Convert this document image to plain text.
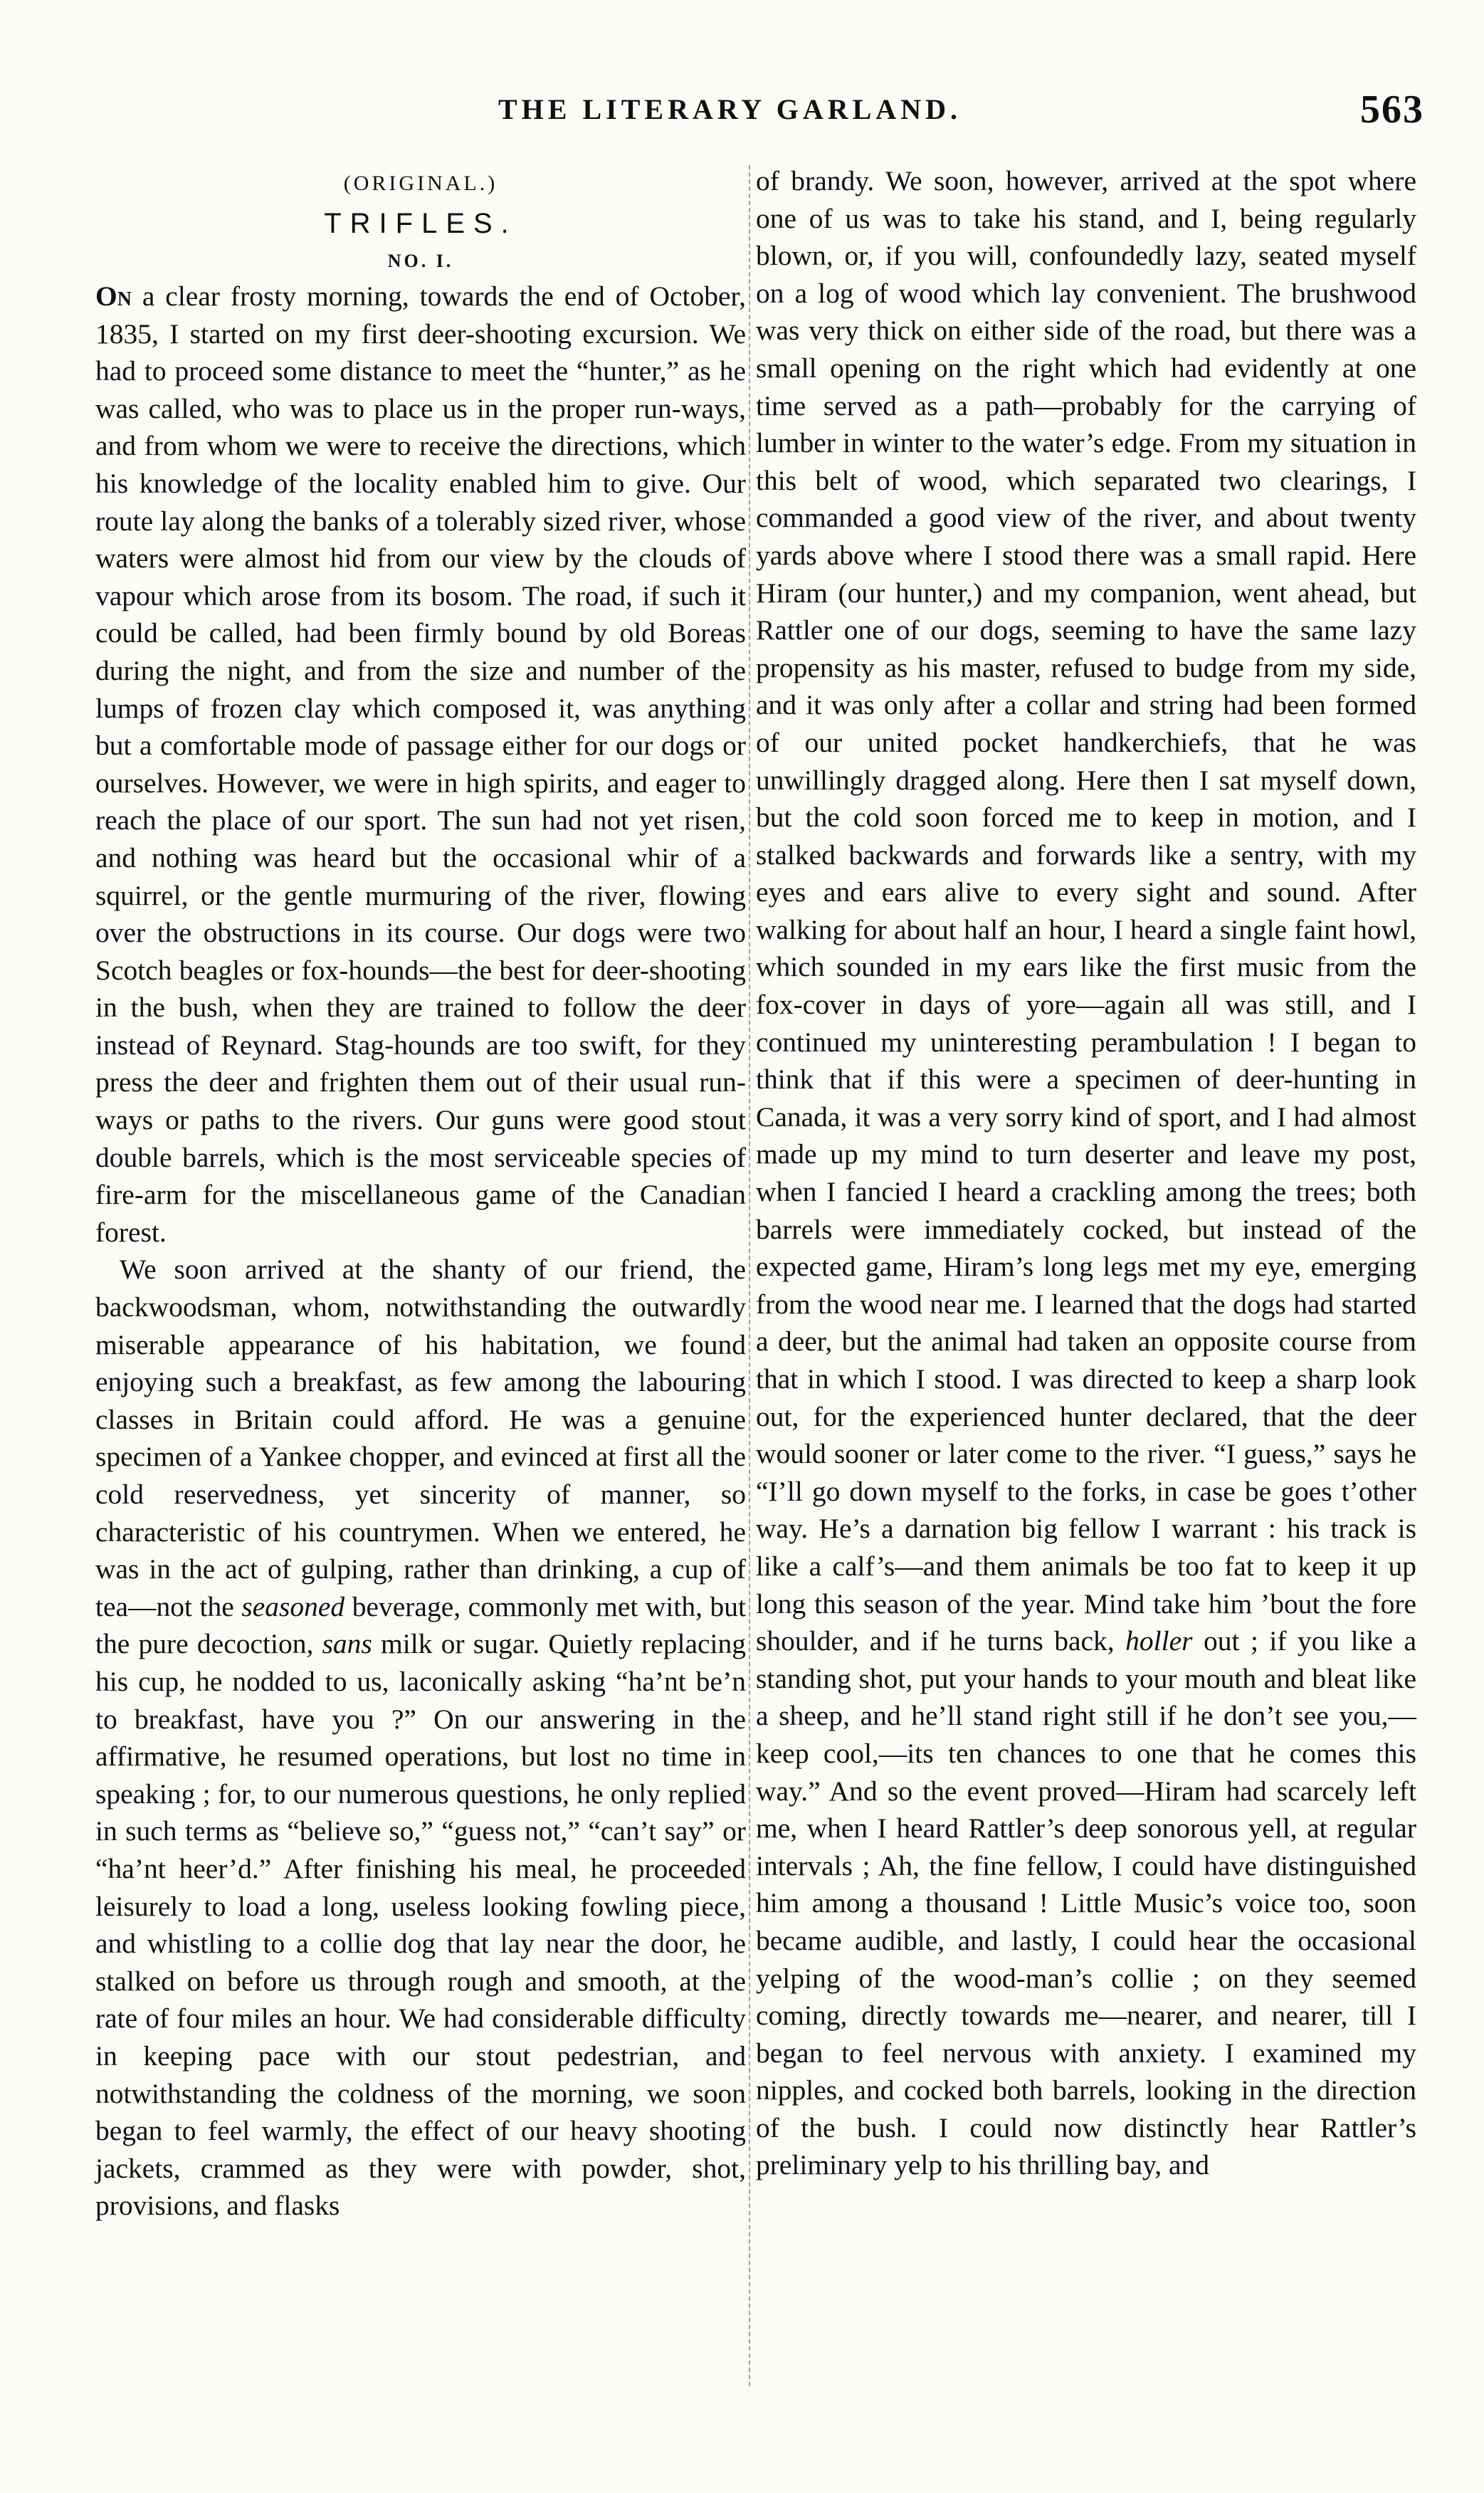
THE LITERARY GARLAND.	563

(ORIGINAL.)

TRIFLES.

NO. I.

On a clear frosty morning, towards the end of October, 1835, I started on my first deer-shooting excursion. We had to proceed some distance to meet the “hunter,” as he was called, who was to place us in the proper run-ways, and from whom we were to receive the directions, which his knowledge of the locality enabled him to give. Our route lay along the banks of a tolerably sized river, whose waters were almost hid from our view by the clouds of vapour which arose from its bosom. The road, if such it could be called, had been firmly bound by old Boreas during the night, and from the size and number of the lumps of frozen clay which composed it, was anything but a comfortable mode of passage either for our dogs or ourselves. However, we were in high spirits, and eager to reach the place of our sport. The sun had not yet risen, and nothing was heard but the occasional whir of a squirrel, or the gentle murmuring of the river, flowing over the obstructions in its course. Our dogs were two Scotch beagles or fox-hounds—the best for deer-shooting in the bush, when they are trained to follow the deer instead of Reynard. Stag-hounds are too swift, for they press the deer and frighten them out of their usual run-ways or paths to the rivers. Our guns were good stout double barrels, which is the most serviceable species of fire-arm for the miscellaneous game of the Canadian forest.

We soon arrived at the shanty of our friend, the backwoodsman, whom, notwithstanding the outwardly miserable appearance of his habitation, we found enjoying such a breakfast, as few among the labouring classes in Britain could afford. He was a genuine specimen of a Yankee chopper, and evinced at first all the cold reservedness, yet sincerity of manner, so characteristic of his countrymen. When we entered, he was in the act of gulping, rather than drinking, a cup of tea—not the seasoned beverage, commonly met with, but the pure decoction, sans milk or sugar. Quietly replacing his cup, he nodded to us, laconically asking “ha’nt be’n to breakfast, have you ?” On our answering in the affirmative, he resumed operations, but lost no time in speaking ; for, to our numerous questions, he only replied in such terms as “believe so,” “guess not,” “can’t say” or “ha’nt heer’d.” After finishing his meal, he proceeded leisurely to load a long, useless looking fowling piece, and whistling to a collie dog that lay near the door, he stalked on before us through rough and smooth, at the rate of four miles an hour. We had considerable difficulty in keeping pace with our stout pedestrian, and notwithstanding the coldness of the morning, we soon began to feel warmly, the effect of our heavy shooting jackets, crammed as they were with powder, shot, provisions, and flasks

of brandy. We soon, however, arrived at the spot where one of us was to take his stand, and I, being regularly blown, or, if you will, confoundedly lazy, seated myself on a log of wood which lay convenient. The brushwood was very thick on either side of the road, but there was a small opening on the right which had evidently at one time served as a path—probably for the carrying of lumber in winter to the water’s edge. From my situation in this belt of wood, which separated two clearings, I commanded a good view of the river, and about twenty yards above where I stood there was a small rapid. Here Hiram (our hunter,) and my companion, went ahead, but Rattler one of our dogs, seeming to have the same lazy propensity as his master, refused to budge from my side, and it was only after a collar and string had been formed of our united pocket handkerchiefs, that he was unwillingly dragged along. Here then I sat myself down, but the cold soon forced me to keep in motion, and I stalked backwards and forwards like a sentry, with my eyes and ears alive to every sight and sound. After walking for about half an hour, I heard a single faint howl, which sounded in my ears like the first music from the fox-cover in days of yore—again all was still, and I continued my uninteresting perambulation ! I began to think that if this were a specimen of deer-hunting in Canada, it was a very sorry kind of sport, and I had almost made up my mind to turn deserter and leave my post, when I fancied I heard a crackling among the trees; both barrels were immediately cocked, but instead of the expected game, Hiram’s long legs met my eye, emerging from the wood near me. I learned that the dogs had started a deer, but the animal had taken an opposite course from that in which I stood. I was directed to keep a sharp look out, for the experienced hunter declared, that the deer would sooner or later come to the river. “I guess,” says he “I’ll go down myself to the forks, in case be goes t’other way. He’s a darnation big fellow I warrant : his track is like a calf’s—and them animals be too fat to keep it up long this season of the year. Mind take him ’bout the fore shoulder, and if he turns back, holler out ; if you like a standing shot, put your hands to your mouth and bleat like a sheep, and he’ll stand right still if he don’t see you,—keep cool,—its ten chances to one that he comes this way.” And so the event proved—Hiram had scarcely left me, when I heard Rattler’s deep sonorous yell, at regular intervals ; Ah, the fine fellow, I could have distinguished him among a thousand ! Little Music’s voice too, soon became audible, and lastly, I could hear the occasional yelping of the wood-man’s collie ; on they seemed coming, directly towards me—nearer, and nearer, till I began to feel nervous with anxiety. I examined my nipples, and cocked both barrels, looking in the direction of the bush. I could now distinctly hear Rattler’s preliminary yelp to his thrilling bay, and
